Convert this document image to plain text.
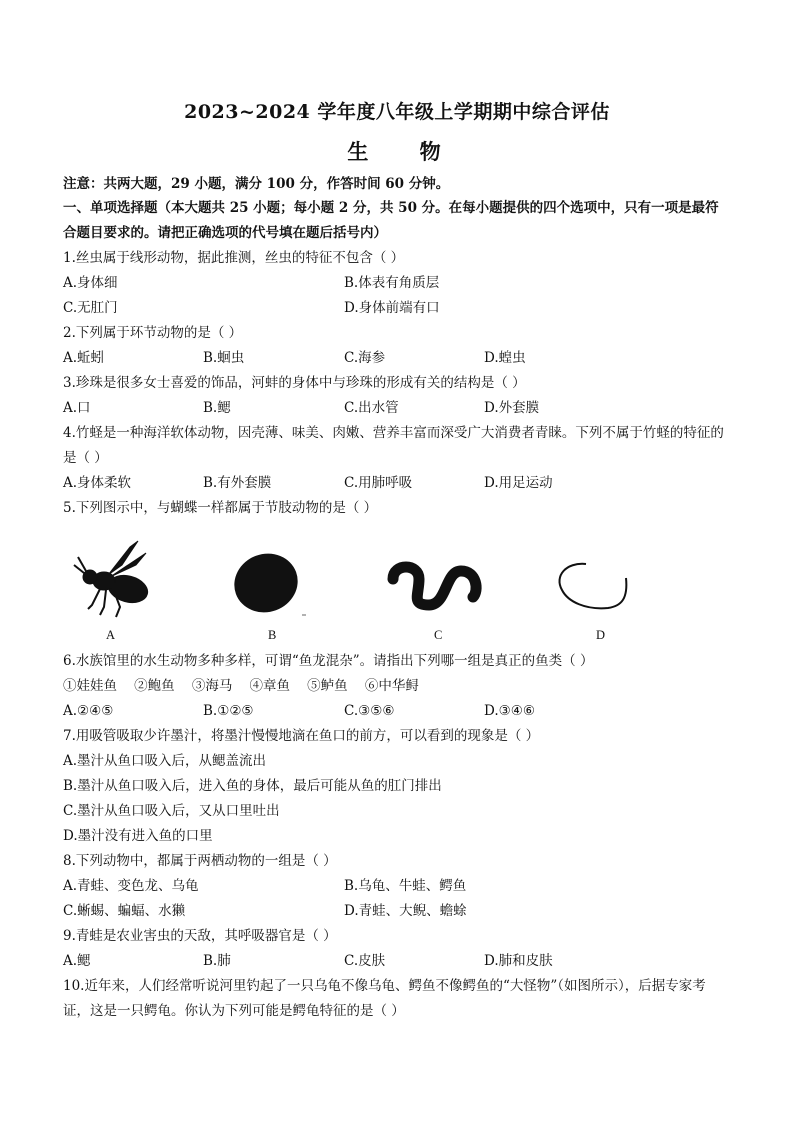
2023~2024 学年度八年级上学期期中综合评估
生 物
注意：共两大题，29 小题，满分 100 分，作答时间 60 分钟。
一、单项选择题（本大题共 25 小题；每小题 2 分，共 50 分。在每小题提供的四个选项中，只有一项是最符合题目要求的。请把正确选项的代号填在题后括号内）
1.丝虫属于线形动物，据此推测，丝虫的特征不包含（ ）
A.身体细	B.体表有角质层
C.无肛门	D.身体前端有口
2.下列属于环节动物的是（ ）
A.蚯蚓	B.蛔虫	C.海参	D.蝗虫
3.珍珠是很多女士喜爱的饰品，河蚌的身体中与珍珠的形成有关的结构是（ ）
A.口	B.鳃	C.出水管	D.外套膜
4.竹蛏是一种海洋软体动物，因壳薄、味美、肉嫩、营养丰富而深受广大消费者青睐。下列不属于竹蛏的特征的是（ ）
A.身体柔软	B.有外套膜	C.用肺呼吸	D.用足运动
5.下列图示中，与蝴蝶一样都属于节肢动物的是（ ）
A	B	C	D
6.水族馆里的水生动物多种多样，可谓“鱼龙混杂”。请指出下列哪一组是真正的鱼类（ ）
①娃娃鱼    ②鲍鱼    ③海马    ④章鱼    ⑤鲈鱼    ⑥中华鲟
A.②④⑤	B.①②⑤	C.③⑤⑥	D.③④⑥
7.用吸管吸取少许墨汁，将墨汁慢慢地滴在鱼口的前方，可以看到的现象是（ ）
A.墨汁从鱼口吸入后，从鳃盖流出
B.墨汁从鱼口吸入后，进入鱼的身体，最后可能从鱼的肛门排出
C.墨汁从鱼口吸入后，又从口里吐出
D.墨汁没有进入鱼的口里
8.下列动物中，都属于两栖动物的一组是（ ）
A.青蛙、变色龙、乌龟	B.乌龟、牛蛙、鳄鱼
C.蜥蜴、蝙蝠、水獭	D.青蛙、大鲵、蟾蜍
9.青蛙是农业害虫的天敌，其呼吸器官是（ ）
A.鳃	B.肺	C.皮肤	D.肺和皮肤
10.近年来，人们经常听说河里钓起了一只乌龟不像乌龟、鳄鱼不像鳄鱼的“大怪物”（如图所示），后据专家考证，这是一只鳄龟。你认为下列可能是鳄龟特征的是（ ）
